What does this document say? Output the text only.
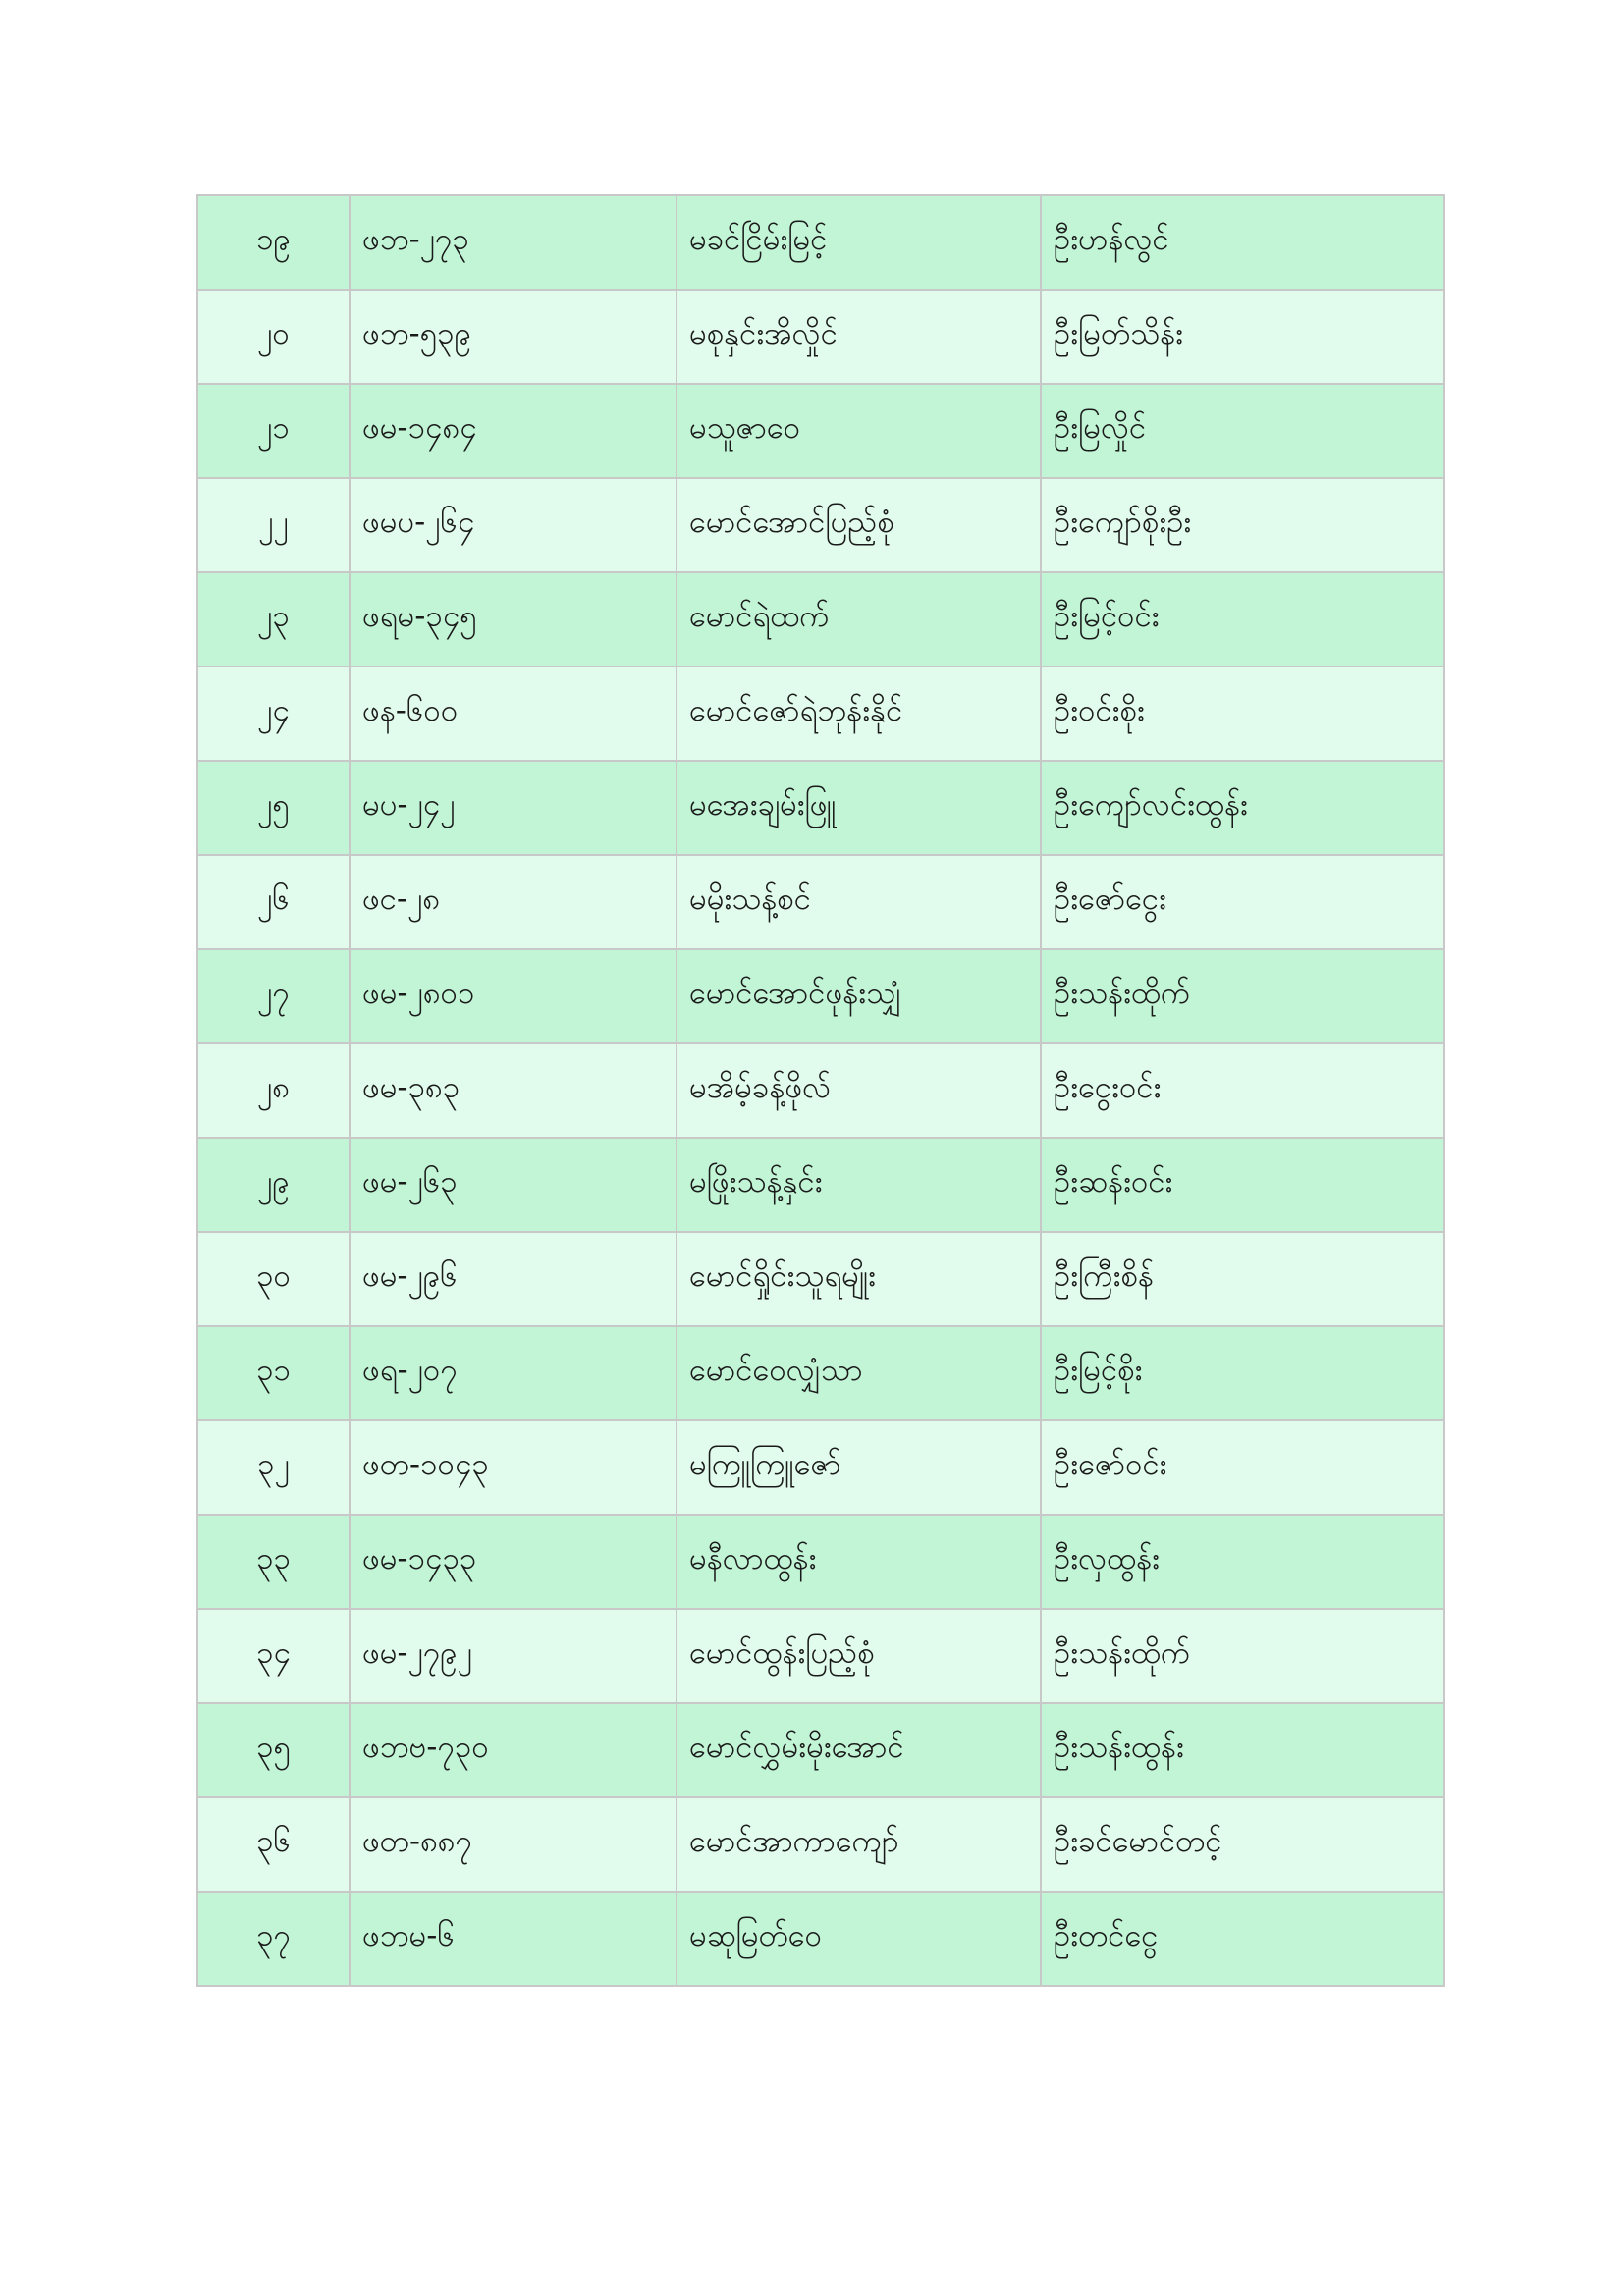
၁၉	ဖဘ-၂၇၃	မခင်ငြိမ်းမြင့်	ဦးဟန်လွင်
၂၀	ဖဘ-၅၃၉	မစုနှင်းအိလှိုင်	ဦးမြတ်သိန်း
၂၁	ဖမ-၁၄၈၄	မသူဇာဝေ	ဦးမြလှိုင်
၂၂	ဖမပ-၂၆၄	မောင်အောင်ပြည့်စုံ	ဦးကျော်စိုးဦး
၂၃	ဖရမ-၃၄၅	မောင်ရဲထက်	ဦးမြင့်ဝင်း
၂၄	ဖန-၆၀၀	မောင်ဇော်ရဲဘုန်းနိုင်	ဦးဝင်းစိုး
၂၅	မပ-၂၄၂	မအေးချမ်းဖြူ	ဦးကျော်လင်းထွန်း
၂၆	ဖင-၂၈	မမိုးသန့်စင်	ဦးဇော်ငွေး
၂၇	ဖမ-၂၈၀၁	မောင်အောင်ဖုန်းသျှံ	ဦးသန်းထိုက်
၂၈	ဖမ-၃၈၃	မအိမ့်ခန့်ဖိုလ်	ဦးငွေးဝင်း
၂၉	ဖမ-၂၆၃	မဖြိုးသန့်နှင်း	ဦးဆန်းဝင်း
၃၀	ဖမ-၂၉၆	မောင်ရှိုင်းသူရမျိုး	ဦးကြီးစိန်
၃၁	ဖရ-၂၀၇	မောင်ဝေလျှံသာ	ဦးမြင့်စိုး
၃၂	ဖတ-၁၀၄၃	မကြူကြူဇော်	ဦးဇော်ဝင်း
၃၃	ဖမ-၁၄၃၃	မနီလာထွန်း	ဦးလှထွန်း
၃၄	ဖမ-၂၇၉၂	မောင်ထွန်းပြည့်စုံ	ဦးသန်းထိုက်
၃၅	ဖဘဗ-၇၃၀	မောင်လွှမ်းမိုးအောင်	ဦးသန်းထွန်း
၃၆	ဖတ-၈၈၇	မောင်အာကာကျော်	ဦးခင်မောင်တင့်
၃၇	ဖဘမ-၆	မဆုမြတ်ဝေ	ဦးတင်ငွေ
